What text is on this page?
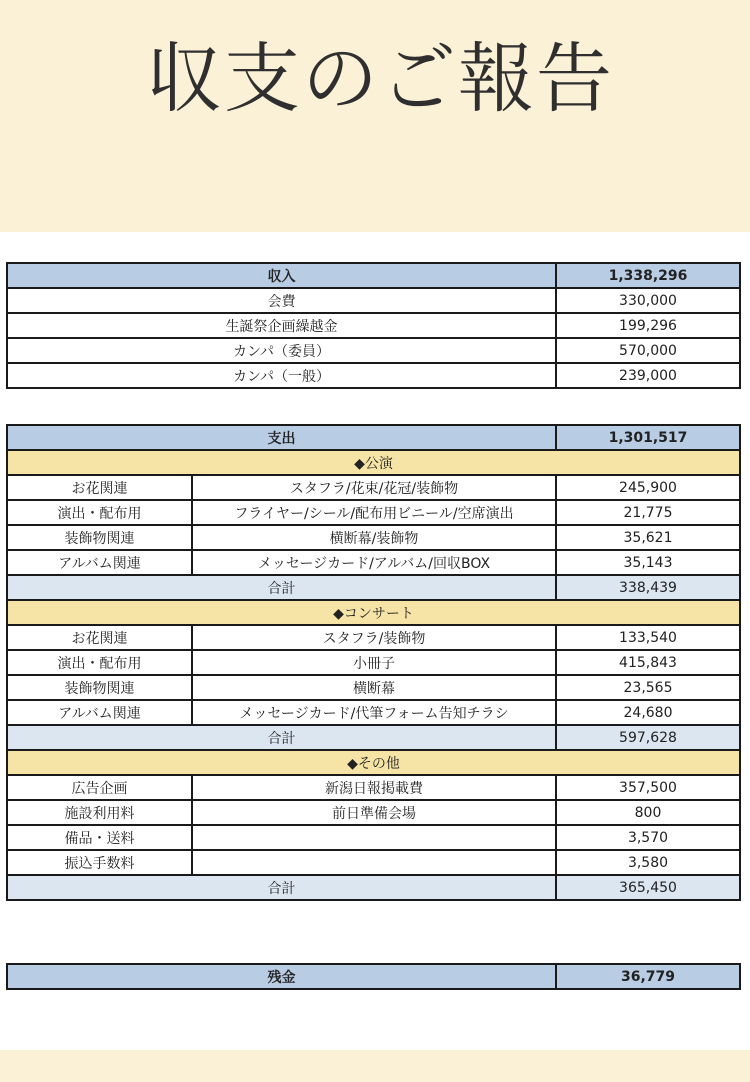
収支のご報告
収入	1,338,296
会費	330,000
生誕祭企画繰越金	199,296
カンパ（委員）	570,000
カンパ（一般）	239,000
支出		1,301,517
◆公演		
お花関連	スタフラ/花束/花冠/装飾物	245,900
演出・配布用	フライヤー/シール/配布用ビニール/空席演出	21,775
装飾物関連	横断幕/装飾物	35,621
アルバム関連	メッセージカード/アルバム/回収BOX	35,143
合計		338,439
◆コンサート		
お花関連	スタフラ/装飾物	133,540
演出・配布用	小冊子	415,843
装飾物関連	横断幕	23,565
アルバム関連	メッセージカード/代筆フォーム告知チラシ	24,680
合計		597,628
◆その他		
広告企画	新潟日報掲載費	357,500
施設利用料	前日準備会場	800
備品・送料		3,570
振込手数料		3,580
合計		365,450
残金	36,779
